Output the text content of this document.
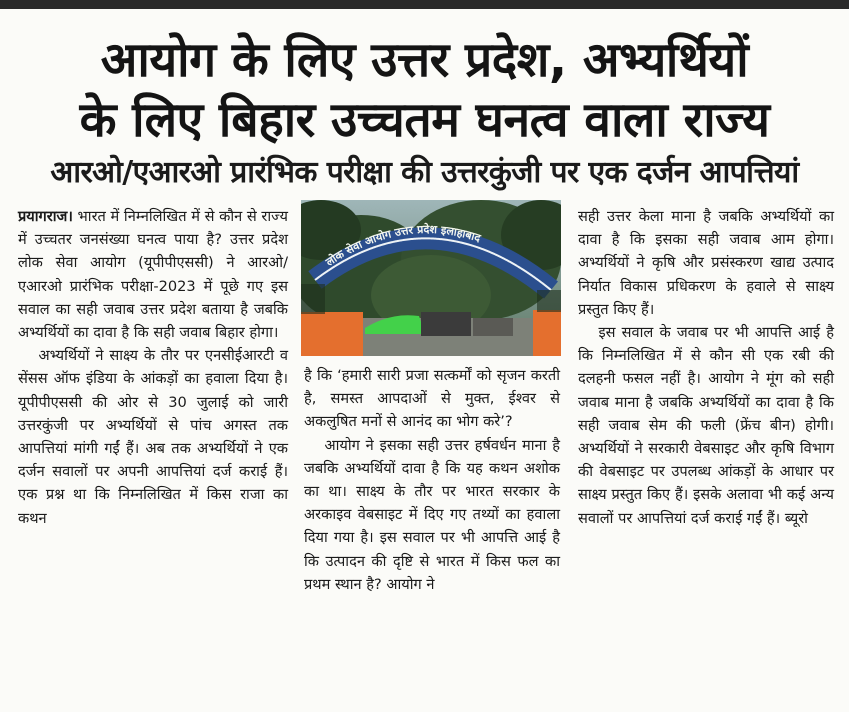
आयोग के लिए उत्तर प्रदेश, अभ्यर्थियों
के लिए बिहार उच्चतम घनत्व वाला राज्य
आरओ/एआरओ प्रारंभिक परीक्षा की उत्तरकुंजी पर एक दर्जन आपत्तियां

प्रयागराज। भारत में निम्नलिखित में से कौन से राज्य में उच्चतर जनसंख्या घनत्व पाया है? उत्तर प्रदेश लोक सेवा आयोग (यूपीपीएससी) ने आरओ/एआरओ प्रारंभिक परीक्षा-2023 में पूछे गए इस सवाल का सही जवाब उत्तर प्रदेश बताया है जबकि अभ्यर्थियों का दावा है कि सही जवाब बिहार होगा।

अभ्यर्थियों ने साक्ष्य के तौर पर एनसीईआरटी व सेंसस ऑफ इंडिया के आंकड़ों का हवाला दिया है। यूपीपीएससी की ओर से 30 जुलाई को जारी उत्तरकुंजी पर अभ्यर्थियों से पांच अगस्त तक आपत्तियां मांगी गईं हैं। अब तक अभ्यर्थियों ने एक दर्जन सवालों पर अपनी आपत्तियां दर्ज कराई हैं। एक प्रश्न था कि निम्नलिखित में किस राजा का कथन

लोक सेवा आयोग उत्तर प्रदेश इलाहाबाद

है कि ‘हमारी सारी प्रजा सत्कर्मों को सृजन करती है, समस्त आपदाओं से मुक्त, ईश्वर से अकलुषित मनों से आनंद का भोग करे’?

आयोग ने इसका सही उत्तर हर्षवर्धन माना है जबकि अभ्यर्थियों दावा है कि यह कथन अशोक का था। साक्ष्य के तौर पर भारत सरकार के अरकाइव वेबसाइट में दिए गए तथ्यों का हवाला दिया गया है। इस सवाल पर भी आपत्ति आई है कि उत्पादन की दृष्टि से भारत में किस फल का प्रथम स्थान है? आयोग ने

सही उत्तर केला माना है जबकि अभ्यर्थियों का दावा है कि इसका सही जवाब आम होगा। अभ्यर्थियों ने कृषि और प्रसंस्करण खाद्य उत्पाद निर्यात विकास प्रधिकरण के हवाले से साक्ष्य प्रस्तुत किए हैं।

इस सवाल के जवाब पर भी आपत्ति आई है कि निम्नलिखित में से कौन सी एक रबी की दलहनी फसल नहीं है। आयोग ने मूंग को सही जवाब माना है जबकि अभ्यर्थियों का दावा है कि सही जवाब सेम की फली (फ्रेंच बीन) होगी। अभ्यर्थियों ने सरकारी वेबसाइट और कृषि विभाग की वेबसाइट पर उपलब्ध आंकड़ों के आधार पर साक्ष्य प्रस्तुत किए हैं। इसके अलावा भी कई अन्य सवालों पर आपत्तियां दर्ज कराई गईं हैं। ब्यूरो
